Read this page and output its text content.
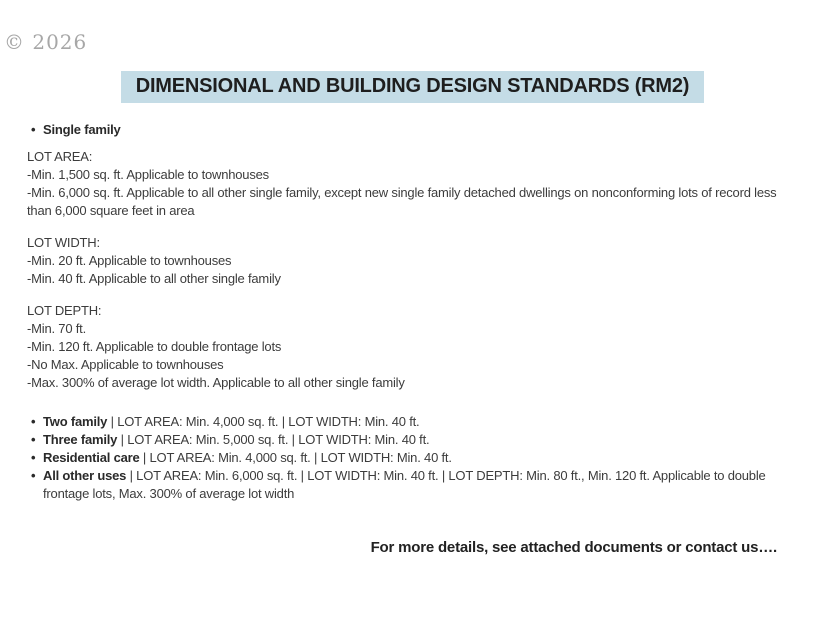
© 2026
DIMENSIONAL AND BUILDING DESIGN STANDARDS (RM2)
• Single family
LOT AREA:
-Min. 1,500 sq. ft. Applicable to townhouses
-Min. 6,000 sq. ft. Applicable to all other single family, except new single family detached dwellings on nonconforming lots of record less than 6,000 square feet in area
LOT WIDTH:
-Min. 20 ft. Applicable to townhouses
-Min. 40 ft. Applicable to all other single family
LOT DEPTH:
-Min. 70 ft.
-Min. 120 ft. Applicable to double frontage lots
-No Max. Applicable to townhouses
-Max. 300% of average lot width. Applicable to all other single family
• Two family | LOT AREA: Min. 4,000 sq. ft. | LOT WIDTH: Min. 40 ft.
• Three family | LOT AREA: Min. 5,000 sq. ft. | LOT WIDTH: Min. 40 ft.
• Residential care | LOT AREA: Min. 4,000 sq. ft. | LOT WIDTH: Min. 40 ft.
• All other uses | LOT AREA: Min. 6,000 sq. ft. | LOT WIDTH: Min. 40 ft. | LOT DEPTH: Min. 80 ft., Min. 120 ft. Applicable to double frontage lots, Max. 300% of average lot width
For more details, see attached documents or contact us….
